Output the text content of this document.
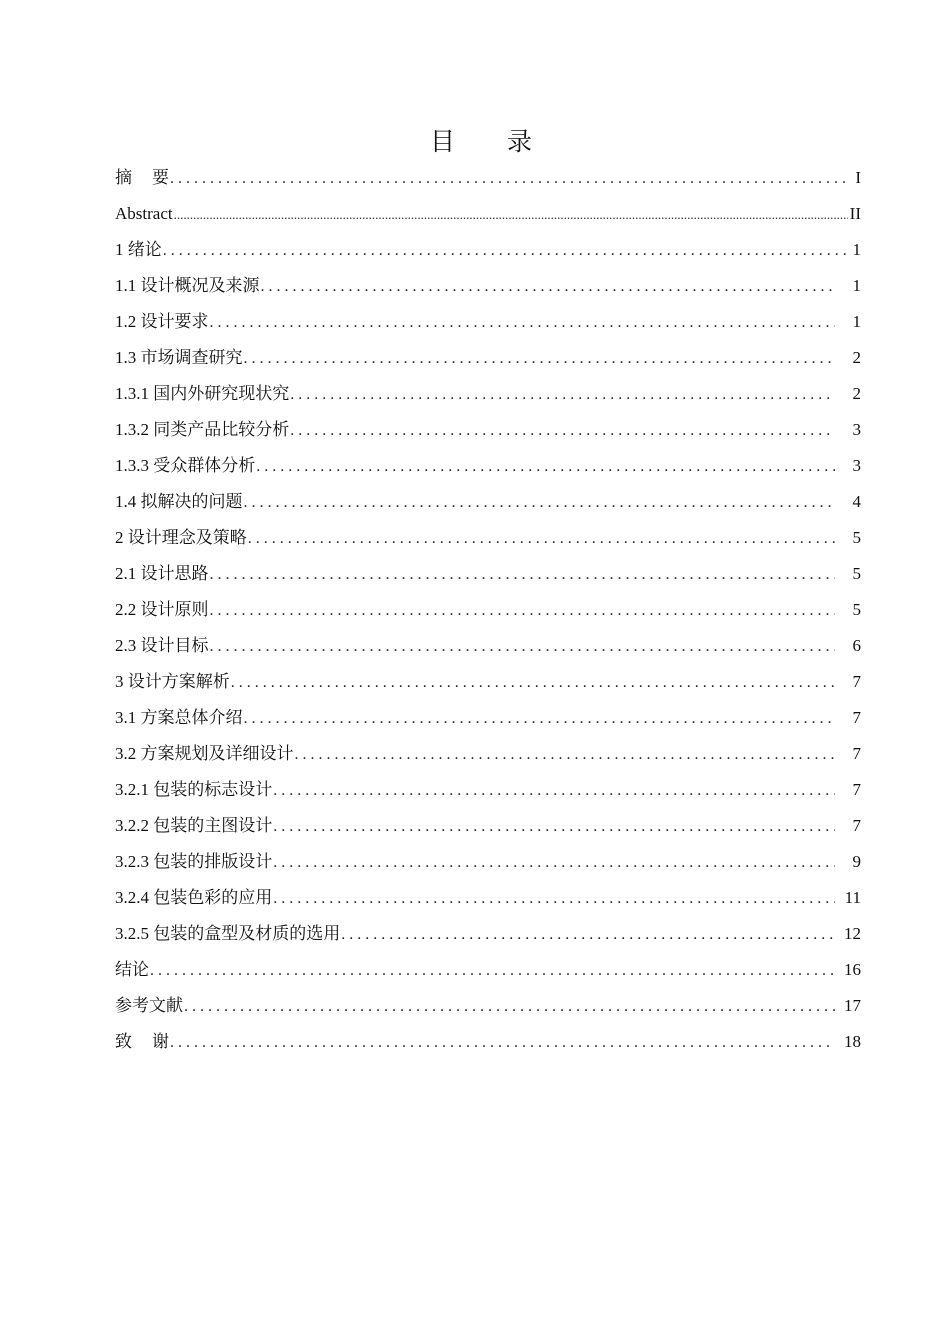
目 录
摘要 . . .	I
Abstract .....	II
1 绪论 . . .	1
1.1 设计概况及来源 . . .	1
1.2 设计要求 . . .	1
1.3 市场调查研究 . . .	2
1.3.1 国内外研究现状究 . . .	2
1.3.2 同类产品比较分析 . . .	3
1.3.3 受众群体分析 . . .	3
1.4 拟解决的问题 . . .	4
2 设计理念及策略 . . .	5
2.1 设计思路 . . .	5
2.2 设计原则 . . .	5
2.3 设计目标 . . .	6
3 设计方案解析 . . .	7
3.1 方案总体介绍 . . .	7
3.2 方案规划及详细设计 . . .	7
3.2.1 包装的标志设计 . . .	7
3.2.2 包装的主图设计 . . .	7
3.2.3 包装的排版设计 . . .	9
3.2.4 包装色彩的应用 . . .	11
3.2.5 包装的盒型及材质的选用 . . .	12
结论 . . .	16
参考文献 . . .	17
致谢 . . .	18
